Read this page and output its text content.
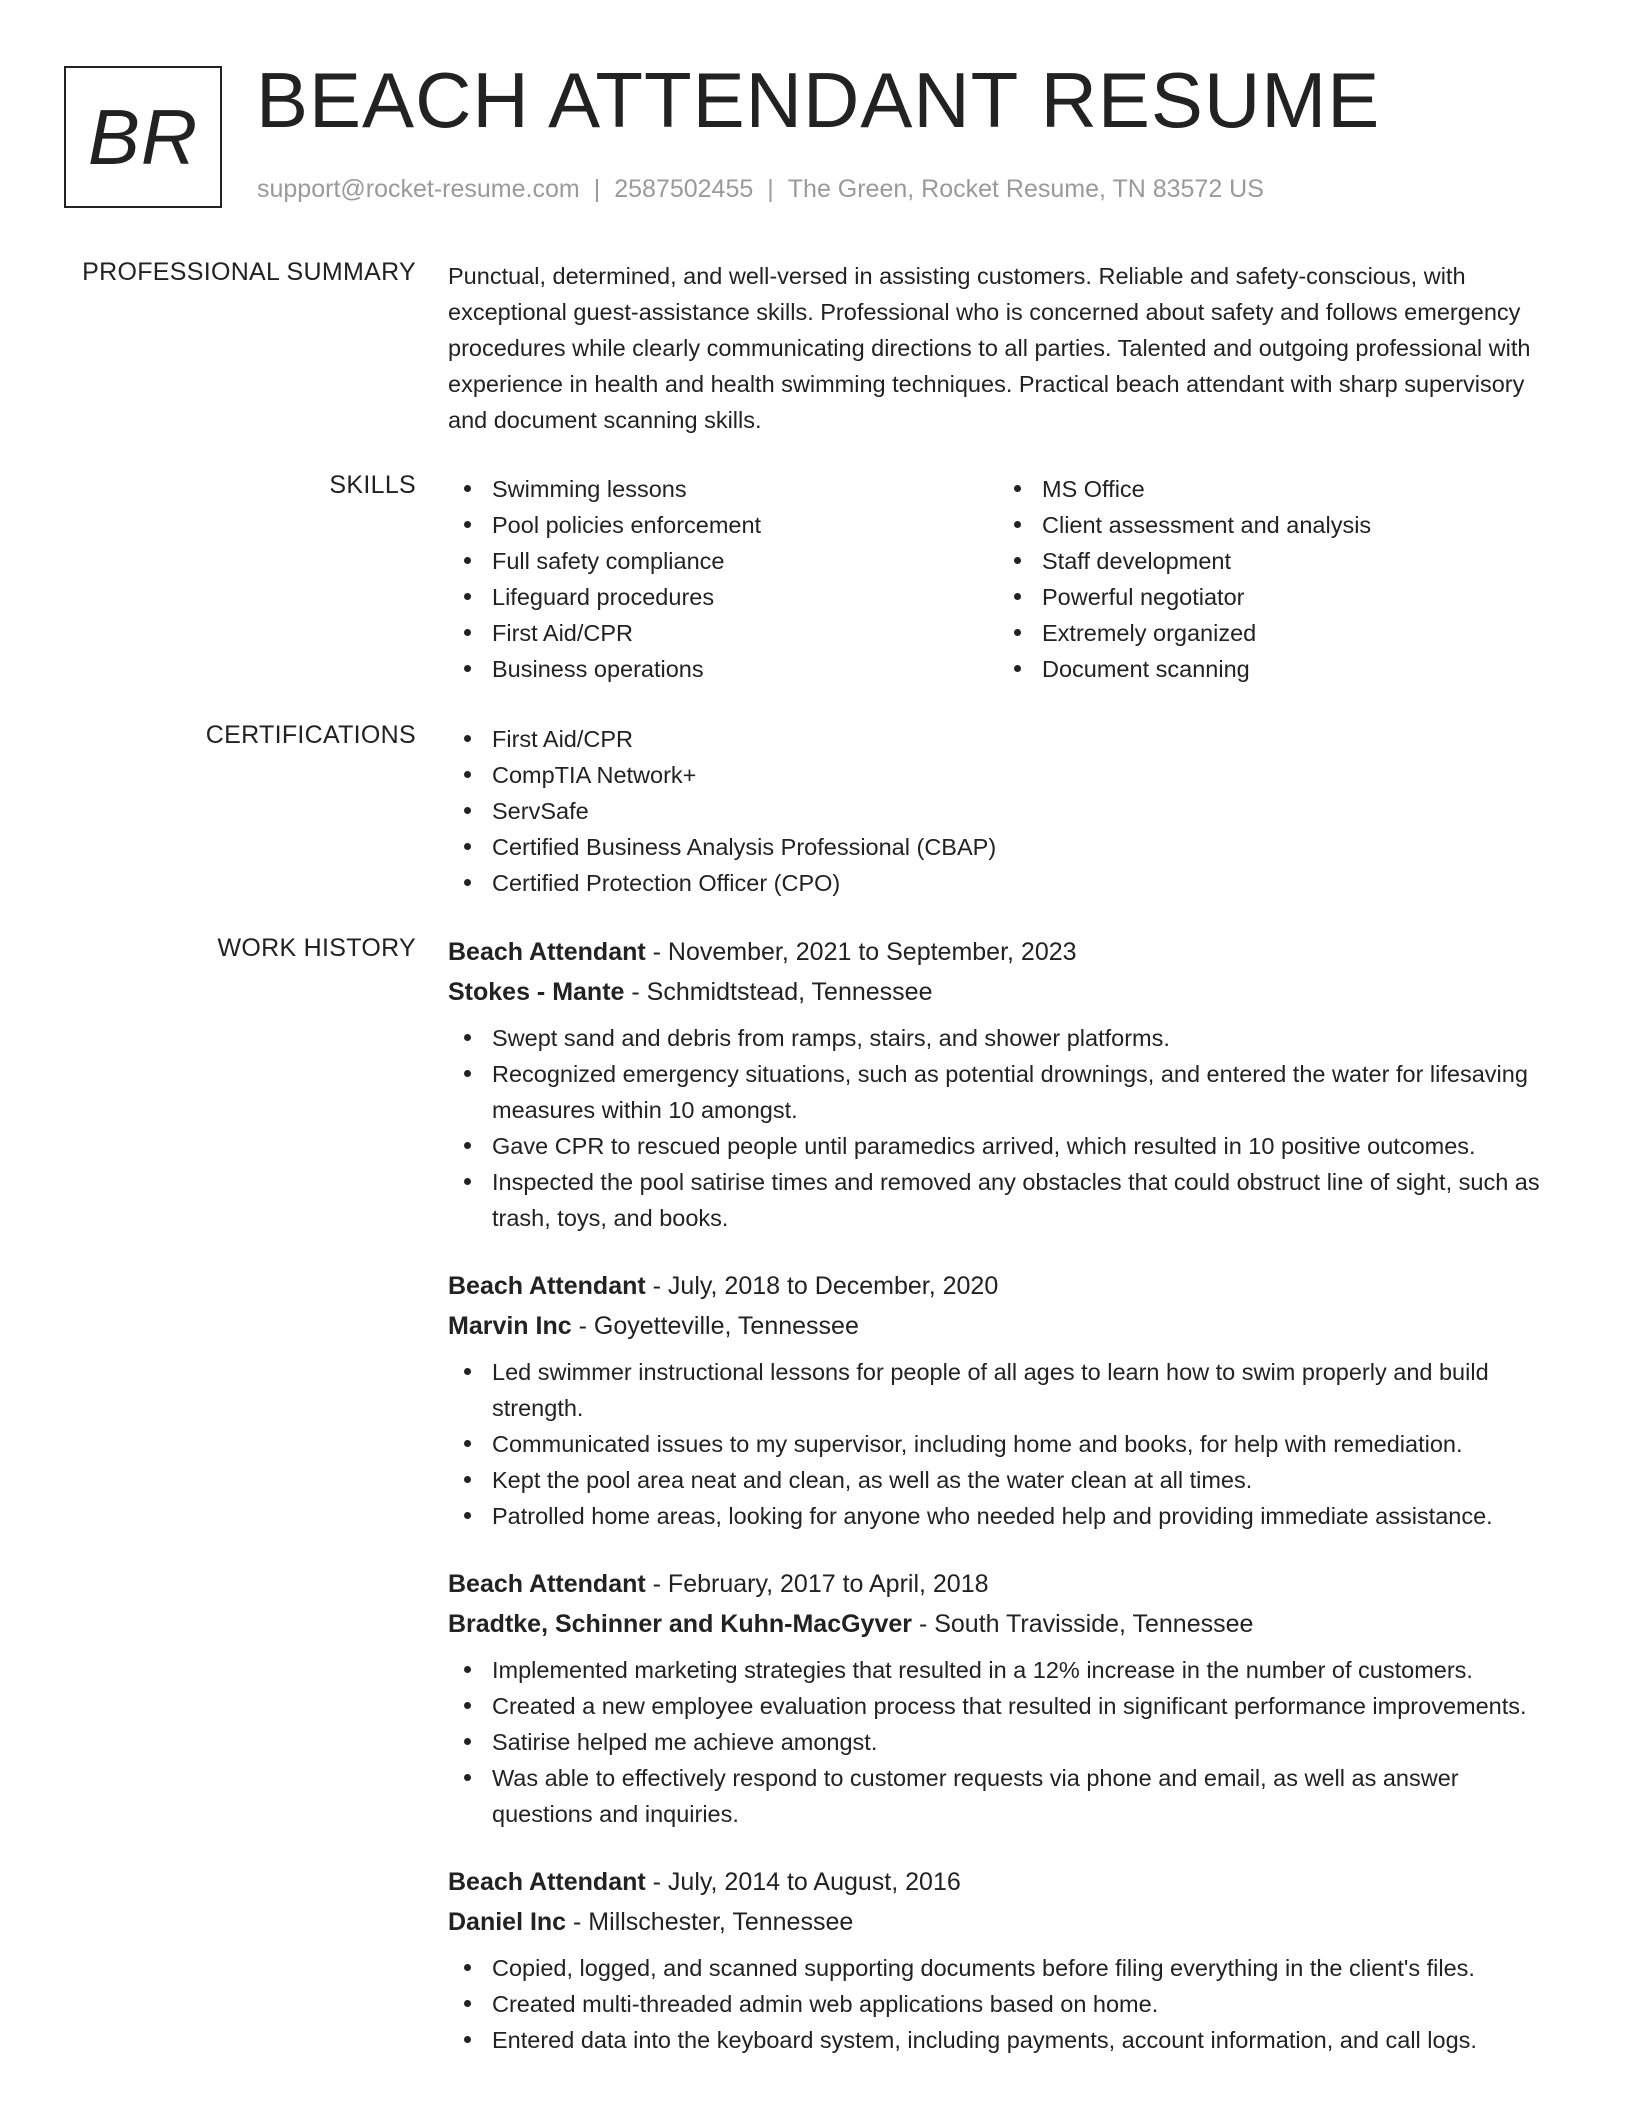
BR BEACH ATTENDANT RESUME
support@rocket-resume.com | 2587502455 | The Green, Rocket Resume, TN 83572 US
PROFESSIONAL SUMMARY Punctual, determined, and well-versed in assisting customers. Reliable and safety-conscious, with exceptional guest-assistance skills. Professional who is concerned about safety and follows emergency procedures while clearly communicating directions to all parties. Talented and outgoing professional with experience in health and health swimming techniques. Practical beach attendant with sharp supervisory and document scanning skills.

SKILLS	Swimming lessons
Pool policies enforcement
Full safety compliance
Lifeguard procedures
First Aid/CPR
Business operations
MS Office
Client assessment and analysis
Staff development
Powerful negotiator
Extremely organized
Document scanning
CERTIFICATIONS	First Aid/CPR
CompTIA Network+
ServSafe
Certified Business Analysis Professional (CBAP)
Certified Protection Officer (CPO)
WORK HISTORY Beach Attendant - November, 2021 to September, 2023
Stokes - Mante - Schmidtstead, Tennessee
Swept sand and debris from ramps, stairs, and shower platforms.
Recognized emergency situations, such as potential drownings, and entered the water for lifesaving measures within 10 amongst.
Gave CPR to rescued people until paramedics arrived, which resulted in 10 positive outcomes.
Inspected the pool satirise times and removed any obstacles that could obstruct line of sight, such as trash, toys, and books.
Beach Attendant - July, 2018 to December, 2020
Marvin Inc - Goyetteville, Tennessee
Led swimmer instructional lessons for people of all ages to learn how to swim properly and build strength.
Communicated issues to my supervisor, including home and books, for help with remediation.
Kept the pool area neat and clean, as well as the water clean at all times.
Patrolled home areas, looking for anyone who needed help and providing immediate assistance.
Beach Attendant - February, 2017 to April, 2018
Bradtke, Schinner and Kuhn-MacGyver - South Travisside, Tennessee
Implemented marketing strategies that resulted in a 12% increase in the number of customers.
Created a new employee evaluation process that resulted in significant performance improvements.
Satirise helped me achieve amongst.
Was able to effectively respond to customer requests via phone and email, as well as answer questions and inquiries.
Beach Attendant - July, 2014 to August, 2016
Daniel Inc - Millschester, Tennessee
Copied, logged, and scanned supporting documents before filing everything in the client's files.
Created multi-threaded admin web applications based on home.
Entered data into the keyboard system, including payments, account information, and call logs.
